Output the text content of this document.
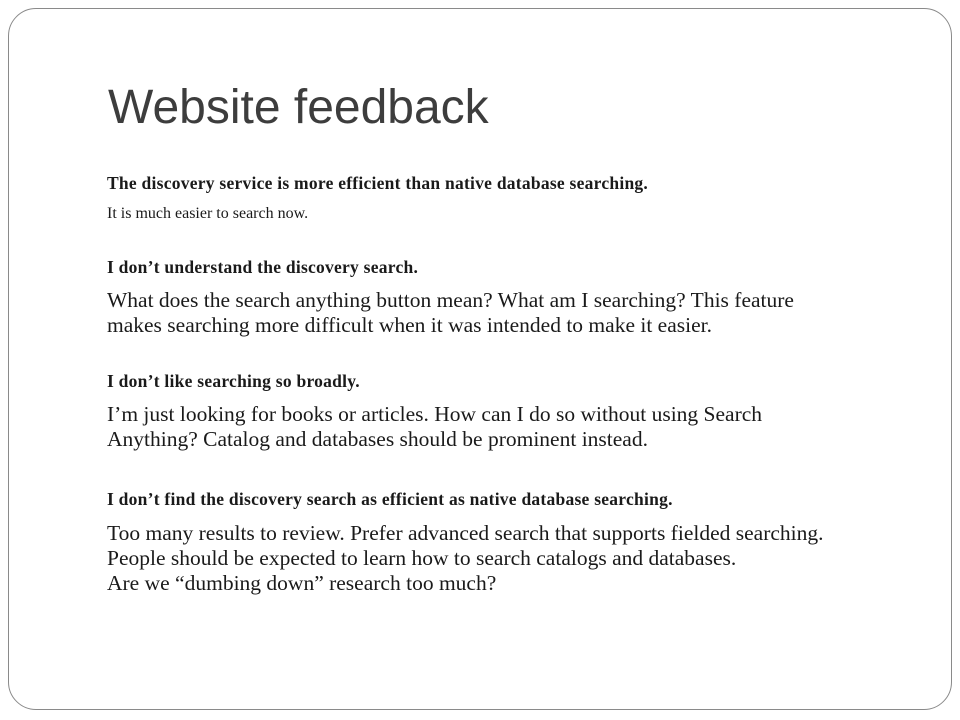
Website feedback

The discovery service is more efficient than native database searching.

It is much easier to search now.

I don’t understand the discovery search.

What does the search anything button mean? What am I searching? This feature
makes searching more difficult when it was intended to make it easier.

I don’t like searching so broadly.

I’m just looking for books or articles. How can I do so without using Search
Anything? Catalog and databases should be prominent instead.

I don’t find the discovery search as efficient as native database searching.

Too many results to review. Prefer advanced search that supports fielded searching.
People should be expected to learn how to search catalogs and databases.
Are we “dumbing down” research too much?
